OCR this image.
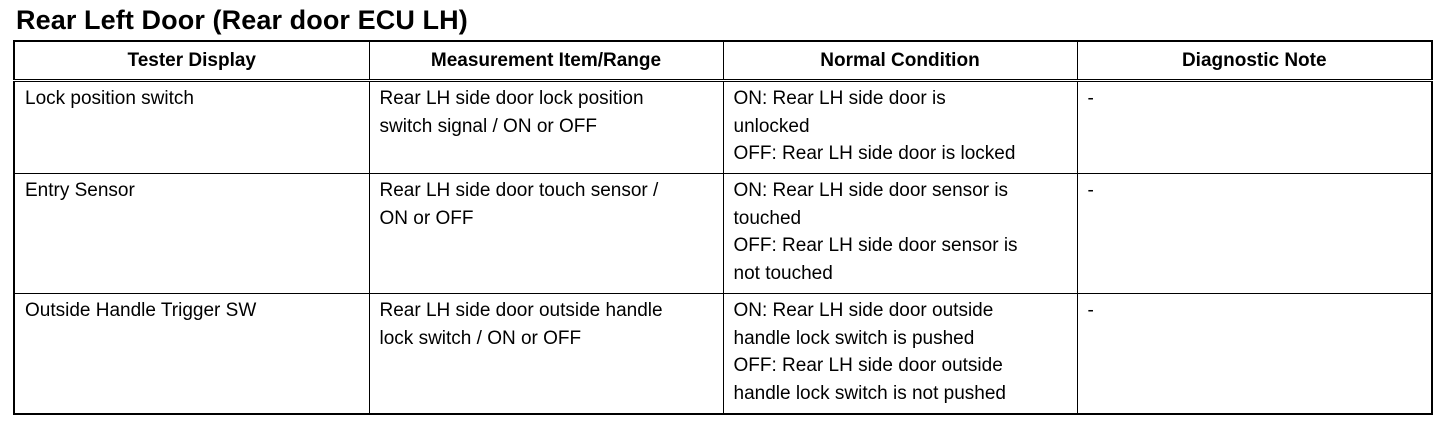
Rear Left Door (Rear door ECU LH)
Tester Display	Measurement Item/Range	Normal Condition	Diagnostic Note

Lock position switch	Rear LH side door lock position
switch signal / ON or OFF	ON: Rear LH side door is
unlocked
OFF: Rear LH side door is locked	-

Entry Sensor	Rear LH side door touch sensor /
ON or OFF	ON: Rear LH side door sensor is
touched
OFF: Rear LH side door sensor is
not touched	-

Outside Handle Trigger SW	Rear LH side door outside handle
lock switch / ON or OFF	ON: Rear LH side door outside
handle lock switch is pushed
OFF: Rear LH side door outside
handle lock switch is not pushed	-
